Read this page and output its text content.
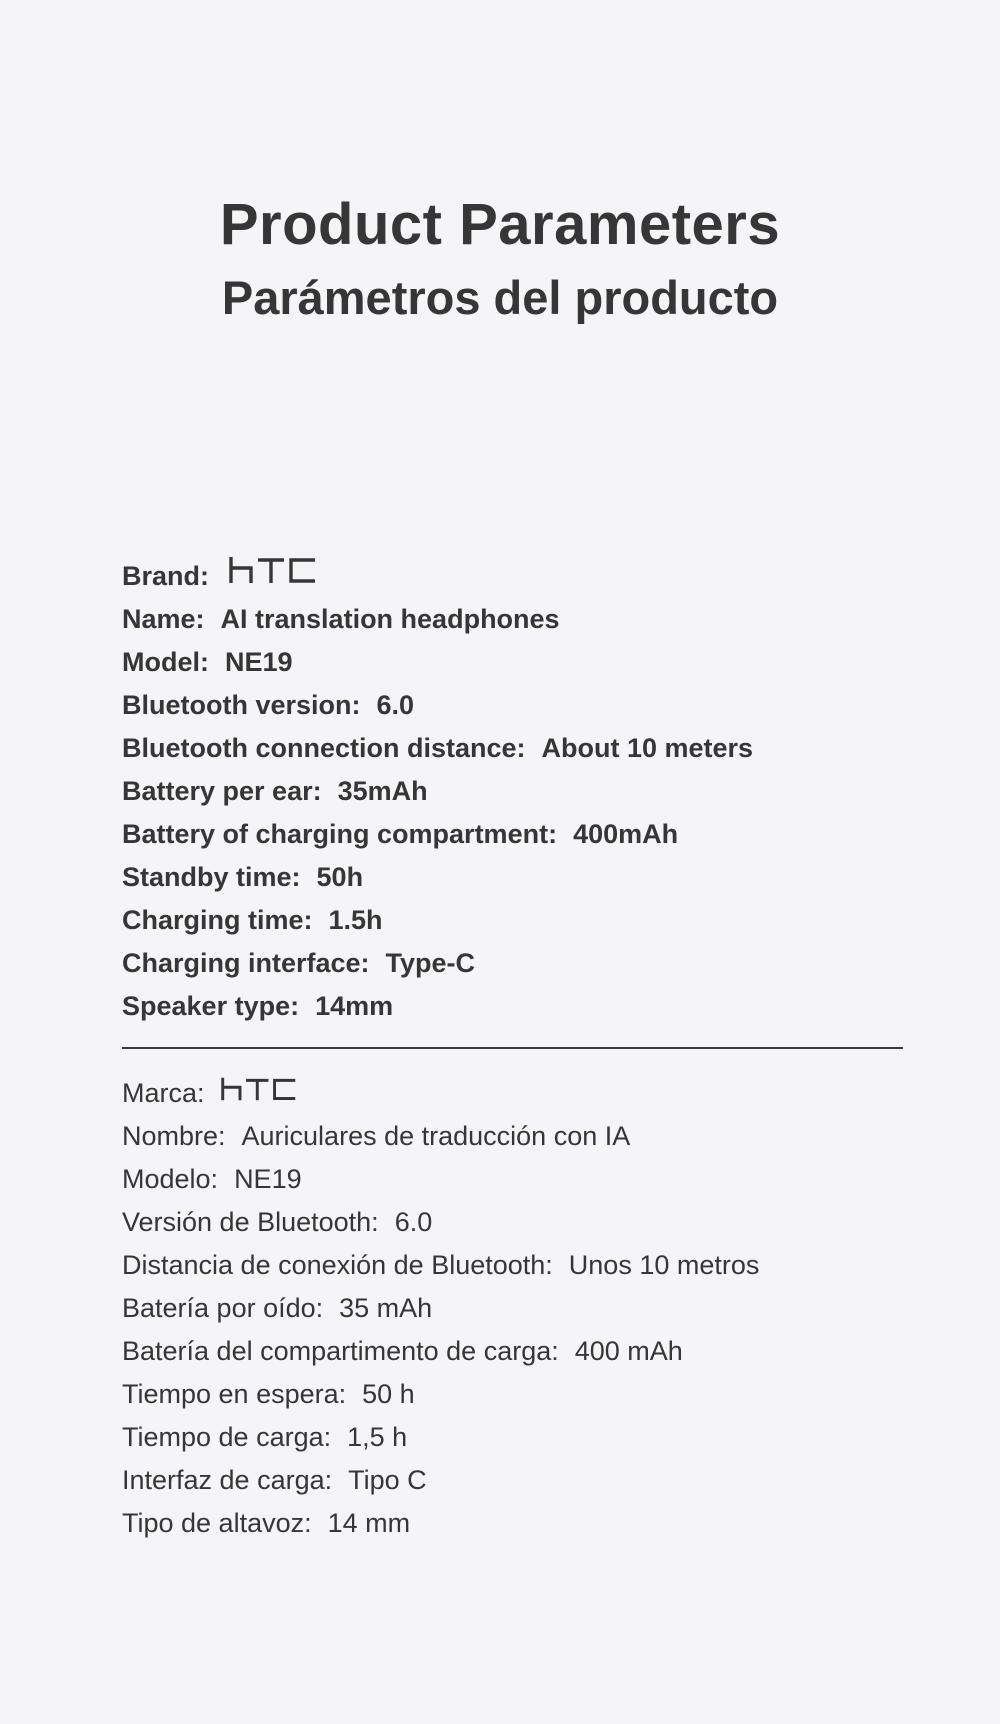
Product Parameters
Parámetros del producto
Brand:
Name: AI translation headphones
Model: NE19
Bluetooth version: 6.0
Bluetooth connection distance: About 10 meters
Battery per ear: 35mAh
Battery of charging compartment: 400mAh
Standby time: 50h
Charging time: 1.5h
Charging interface: Type-C
Speaker type: 14mm
Marca:
Nombre: Auriculares de traducción con IA
Modelo: NE19
Versión de Bluetooth: 6.0
Distancia de conexión de Bluetooth: Unos 10 metros
Batería por oído: 35 mAh
Batería del compartimento de carga: 400 mAh
Tiempo en espera: 50 h
Tiempo de carga: 1,5 h
Interfaz de carga: Tipo C
Tipo de altavoz: 14 mm
